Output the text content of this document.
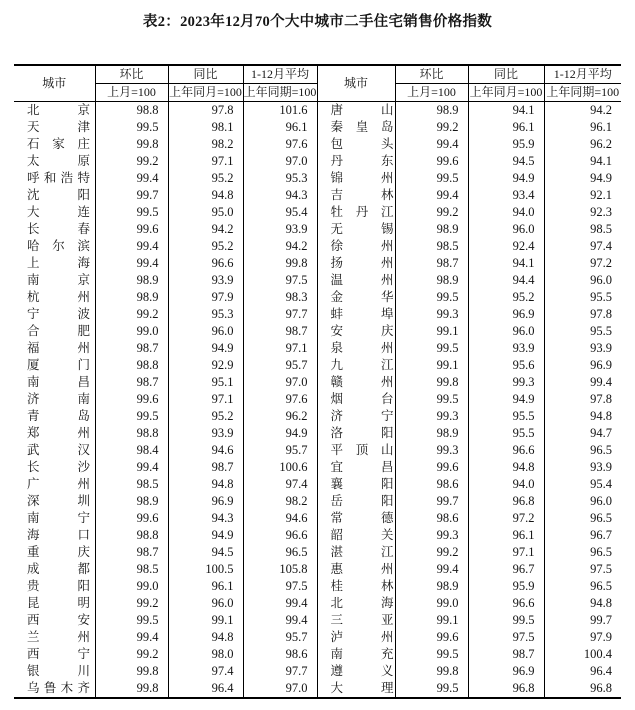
表2：2023年12月70个大中城市二手住宅销售价格指数
城市	环比	同比	1-12月平均	城市	环比	同比	1-12月平均
	上月=100	上年同月=100	上年同期=100		上月=100	上年同月=100	上年同期=100
北京	98.8	97.8	101.6	唐山	98.9	94.1	94.2
天津	99.5	98.1	96.1	秦皇岛	99.2	96.1	96.1
石家庄	99.8	98.2	97.6	包头	99.4	95.9	96.2
太原	99.2	97.1	97.0	丹东	99.6	94.5	94.1
呼和浩特	99.4	95.2	95.3	锦州	99.5	94.9	94.9
沈阳	99.7	94.8	94.3	吉林	99.4	93.4	92.1
大连	99.5	95.0	95.4	牡丹江	99.2	94.0	92.3
长春	99.6	94.2	93.9	无锡	98.9	96.0	98.5
哈尔滨	99.4	95.2	94.2	徐州	98.5	92.4	97.4
上海	99.4	96.6	99.8	扬州	98.7	94.1	97.2
南京	98.9	93.9	97.5	温州	98.9	94.4	96.0
杭州	98.9	97.9	98.3	金华	99.5	95.2	95.5
宁波	99.2	95.3	97.7	蚌埠	99.3	96.9	97.8
合肥	99.0	96.0	98.7	安庆	99.1	96.0	95.5
福州	98.7	94.9	97.1	泉州	99.5	93.9	93.9
厦门	98.8	92.9	95.7	九江	99.1	95.6	96.9
南昌	98.7	95.1	97.0	赣州	99.8	99.3	99.4
济南	99.6	97.1	97.6	烟台	99.5	94.9	97.8
青岛	99.5	95.2	96.2	济宁	99.3	95.5	94.8
郑州	98.8	93.9	94.9	洛阳	98.9	95.5	94.7
武汉	98.4	94.6	95.7	平顶山	99.3	96.6	96.5
长沙	99.4	98.7	100.6	宜昌	99.6	94.8	93.9
广州	98.5	94.8	97.4	襄阳	98.6	94.0	95.4
深圳	98.9	96.9	98.2	岳阳	99.7	96.8	96.0
南宁	99.6	94.3	94.6	常德	98.6	97.2	96.5
海口	98.8	94.9	96.6	韶关	99.3	96.1	96.7
重庆	98.7	94.5	96.5	湛江	99.2	97.1	96.5
成都	98.5	100.5	105.8	惠州	99.4	96.7	97.5
贵阳	99.0	96.1	97.5	桂林	98.9	95.9	96.5
昆明	99.2	96.0	99.4	北海	99.0	96.6	94.8
西安	99.5	99.1	99.4	三亚	99.1	99.5	99.7
兰州	99.4	94.8	95.7	泸州	99.6	97.5	97.9
西宁	99.2	98.0	98.6	南充	99.5	98.7	100.4
银川	99.8	97.4	97.7	遵义	99.8	96.9	96.4
乌鲁木齐	99.8	96.4	97.0	大理	99.5	96.8	96.8
